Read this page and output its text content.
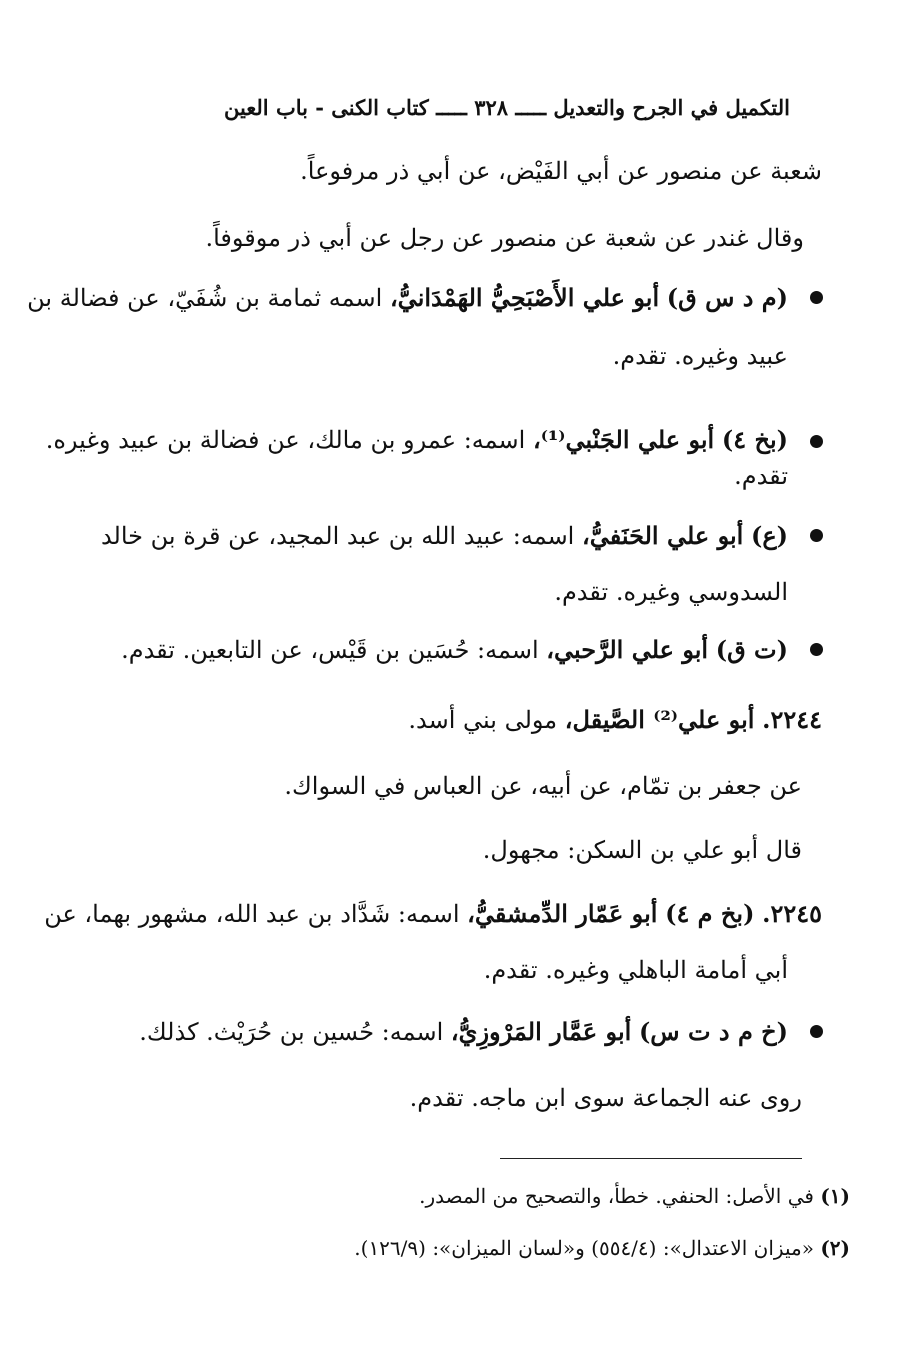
التكميل في الجرح والتعديل ـــــ ٣٢٨ ـــــ كتاب الكنى - باب العين
شعبة عن منصور عن أبي الفَيْض، عن أبي ذر مرفوعاً.
وقال غندر عن شعبة عن منصور عن رجل عن أبي ذر موقوفاً.
(م د س ق) أبو علي الأَصْبَحِيُّ الهَمْدَانيُّ، اسمه ثمامة بن شُفَيّ، عن فضالة بن
عبيد وغيره. تقدم.
(بخ ٤) أبو علي الجَنْبي⁽¹⁾، اسمه: عمرو بن مالك، عن فضالة بن عبيد وغيره.
تقدم.
(ع) أبو علي الحَنَفيُّ، اسمه: عبيد الله بن عبد المجيد، عن قرة بن خالد
السدوسي وغيره. تقدم.
(ت ق) أبو علي الرَّحبي، اسمه: حُسَين بن قَيْس، عن التابعين. تقدم.
٢٢٤٤. أبو علي⁽²⁾ الصَّيقل، مولى بني أسد.
عن جعفر بن تمّام، عن أبيه، عن العباس في السواك.
قال أبو علي بن السكن: مجهول.
٢٢٤٥. (بخ م ٤) أبو عَمّار الدِّمشقيُّ، اسمه: شَدَّاد بن عبد الله، مشهور بهما، عن
أبي أمامة الباهلي وغيره. تقدم.
(خ م د ت س) أبو عَمَّار المَرْوزِيُّ، اسمه: حُسين بن حُرَيْث. كذلك.
روى عنه الجماعة سوى ابن ماجه. تقدم.
(١) في الأصل: الحنفي. خطأ، والتصحيح من المصدر.
(٢) «ميزان الاعتدال»: (٥٥٤/٤) و«لسان الميزان»: (١٢٦/٩).
